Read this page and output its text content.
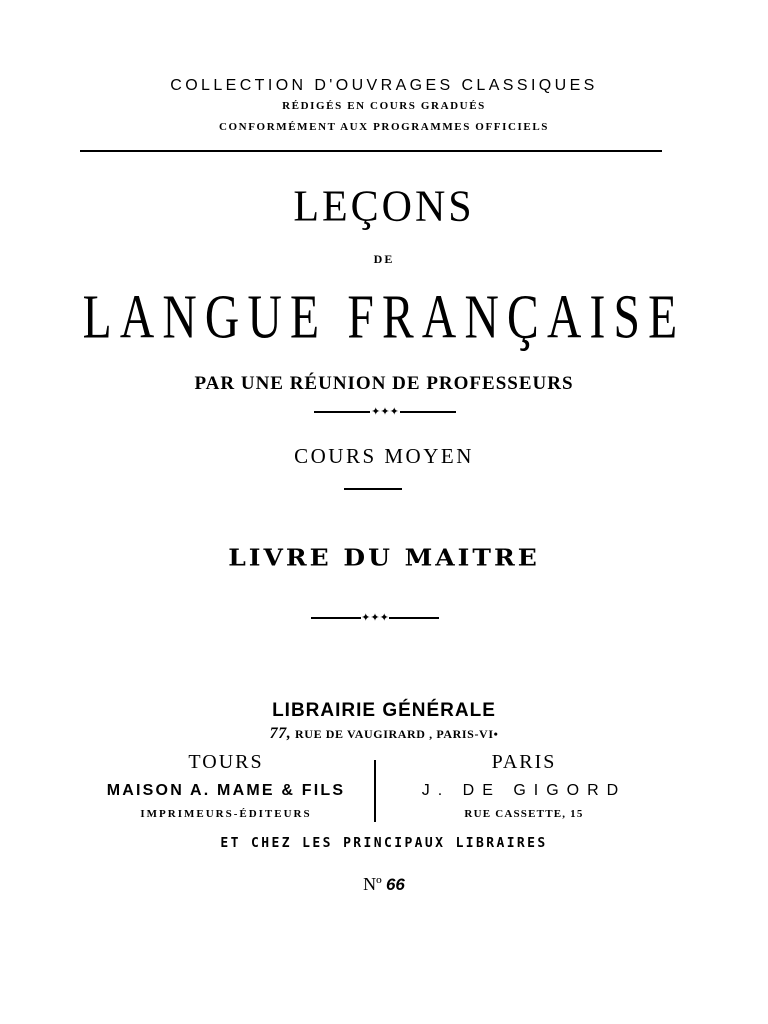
COLLECTION D'OUVRAGES CLASSIQUES
RÉDIGÉS EN COURS GRADUÉS
CONFORMÉMENT AUX PROGRAMMES OFFICIELS
LEÇONS
DE
LANGUE FRANÇAISE
PAR UNE RÉUNION DE PROFESSEURS
✦✦✦
COURS MOYEN
LIVRE DU MAITRE
✦✦✦
LIBRAIRIE GÉNÉRALE
77, RUE DE VAUGIRARD , PARIS-VI•
TOURS
MAISON A. MAME & FILS
IMPRIMEURS-ÉDITEURS
PARIS
J. DE GIGORD
RUE CASSETTE, 15
ET CHEZ LES PRINCIPAUX LIBRAIRES
Nº 66
